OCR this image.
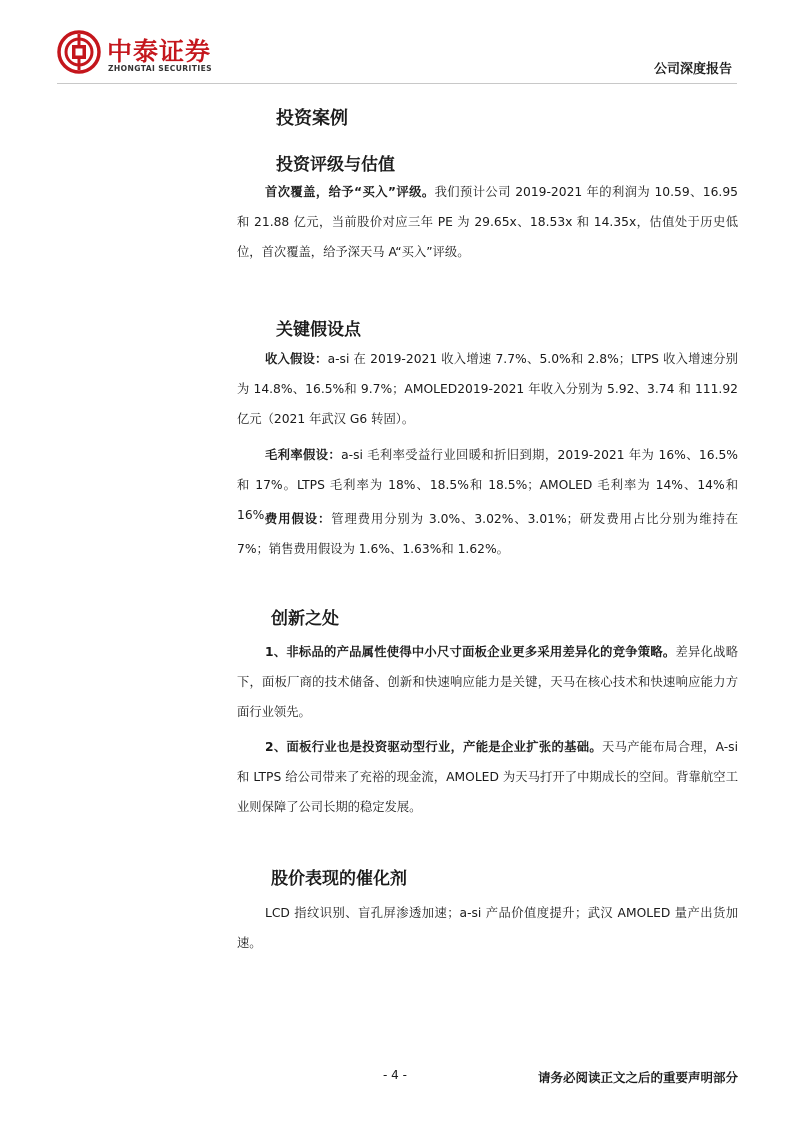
中泰证券
ZHONGTAI SECURITIES	公司深度报告
投资案例
投资评级与估值
首次覆盖，给予“买入”评级。我们预计公司 2019-2021 年的利润为 10.59、16.95 和 21.88 亿元，当前股价对应三年 PE 为 29.65x、18.53x 和 14.35x，估值处于历史低位，首次覆盖，给予深天马 A“买入”评级。
关键假设点
收入假设：a-si 在 2019-2021 收入增速 7.7%、5.0%和 2.8%；LTPS 收入增速分别为 14.8%、16.5%和 9.7%；AMOLED2019-2021 年收入分别为 5.92、3.74 和 111.92 亿元（2021 年武汉 G6 转固）。
毛利率假设：a-si 毛利率受益行业回暖和折旧到期，2019-2021 年为 16%、16.5%和 17%。LTPS 毛利率为 18%、18.5%和 18.5%；AMOLED 毛利率为 14%、14%和 16%。
费用假设：管理费用分别为 3.0%、3.02%、3.01%；研发费用占比分别为维持在 7%；销售费用假设为 1.6%、1.63%和 1.62%。
创新之处
1、非标品的产品属性使得中小尺寸面板企业更多采用差异化的竞争策略。差异化战略下，面板厂商的技术储备、创新和快速响应能力是关键，天马在核心技术和快速响应能力方面行业领先。
2、面板行业也是投资驱动型行业，产能是企业扩张的基础。天马产能布局合理，A-si 和 LTPS 给公司带来了充裕的现金流，AMOLED 为天马打开了中期成长的空间。背靠航空工业则保障了公司长期的稳定发展。
股价表现的催化剂
LCD 指纹识别、盲孔屏渗透加速；a-si 产品价值度提升；武汉 AMOLED 量产出货加速。
- 4 -	请务必阅读正文之后的重要声明部分
